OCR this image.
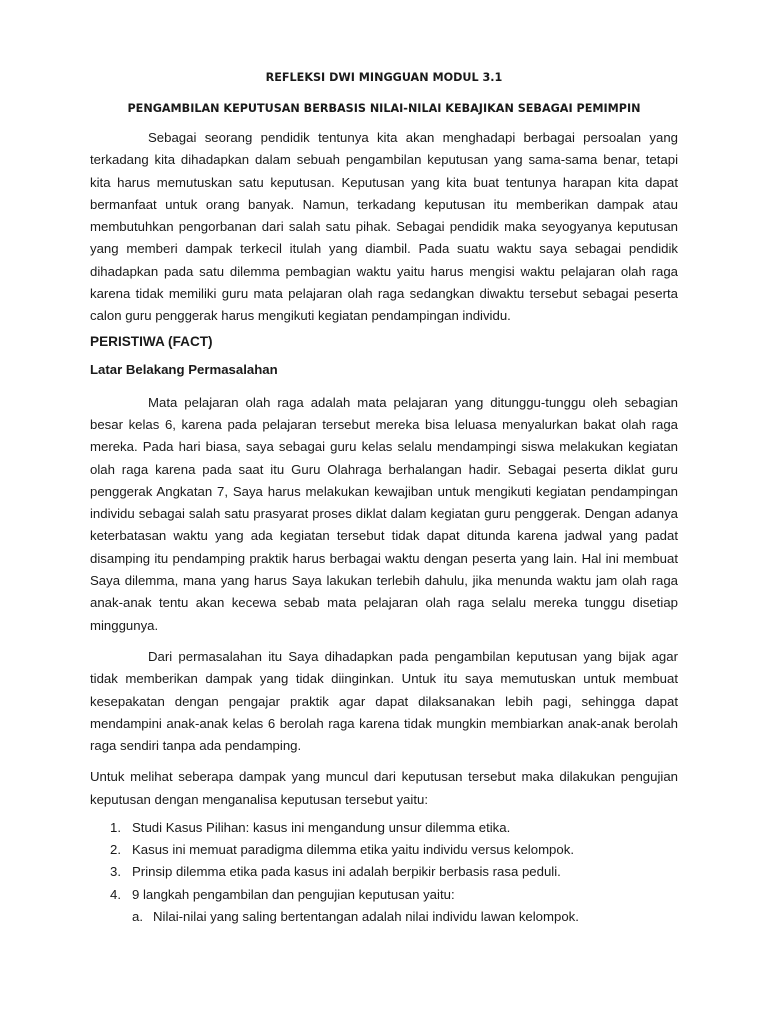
REFLEKSI DWI MINGGUAN MODUL 3.1
PENGAMBILAN KEPUTUSAN BERBASIS NILAI-NILAI KEBAJIKAN SEBAGAI PEMIMPIN

Sebagai seorang pendidik tentunya kita akan menghadapi berbagai persoalan yang terkadang kita dihadapkan dalam sebuah pengambilan keputusan yang sama-sama benar, tetapi kita harus memutuskan satu keputusan. Keputusan yang kita buat tentunya harapan kita dapat bermanfaat untuk orang banyak. Namun, terkadang keputusan itu memberikan dampak atau membutuhkan pengorbanan dari salah satu pihak. Sebagai pendidik maka seyogyanya keputusan yang memberi dampak terkecil itulah yang diambil. Pada suatu waktu saya sebagai pendidik dihadapkan pada satu dilemma pembagian waktu yaitu harus mengisi waktu pelajaran olah raga karena tidak memiliki guru mata pelajaran olah raga sedangkan diwaktu tersebut sebagai peserta calon guru penggerak harus mengikuti kegiatan pendampingan individu.

PERISTIWA (FACT)
Latar Belakang Permasalahan

Mata pelajaran olah raga adalah mata pelajaran yang ditunggu-tunggu oleh sebagian besar kelas 6, karena pada pelajaran tersebut mereka bisa leluasa menyalurkan bakat olah raga mereka. Pada hari biasa, saya sebagai guru kelas selalu mendampingi siswa melakukan kegiatan olah raga karena pada saat itu Guru Olahraga berhalangan hadir. Sebagai peserta diklat guru penggerak Angkatan 7, Saya harus melakukan kewajiban untuk mengikuti kegiatan pendampingan individu sebagai salah satu prasyarat proses diklat dalam kegiatan guru penggerak. Dengan adanya keterbatasan waktu yang ada kegiatan tersebut tidak dapat ditunda karena jadwal yang padat disamping itu pendamping praktik harus berbagai waktu dengan peserta yang lain. Hal ini membuat Saya dilemma, mana yang harus Saya lakukan terlebih dahulu, jika menunda waktu jam olah raga anak-anak tentu akan kecewa sebab mata pelajaran olah raga selalu mereka tunggu disetiap minggunya.

Dari permasalahan itu Saya dihadapkan pada pengambilan keputusan yang bijak agar tidak memberikan dampak yang tidak diinginkan. Untuk itu saya memutuskan untuk membuat kesepakatan dengan pengajar praktik agar dapat dilaksanakan lebih pagi, sehingga dapat mendampini anak-anak kelas 6 berolah raga karena tidak mungkin membiarkan anak-anak berolah raga sendiri tanpa ada pendamping.

Untuk melihat seberapa dampak yang muncul dari keputusan tersebut maka dilakukan pengujian keputusan dengan menganalisa keputusan tersebut yaitu:

1. Studi Kasus Pilihan: kasus ini mengandung unsur dilemma etika.
2. Kasus ini memuat paradigma dilemma etika yaitu individu versus kelompok.
3. Prinsip dilemma etika pada kasus ini adalah berpikir berbasis rasa peduli.
4. 9 langkah pengambilan dan pengujian keputusan yaitu:
a. Nilai-nilai yang saling bertentangan adalah nilai individu lawan kelompok.
